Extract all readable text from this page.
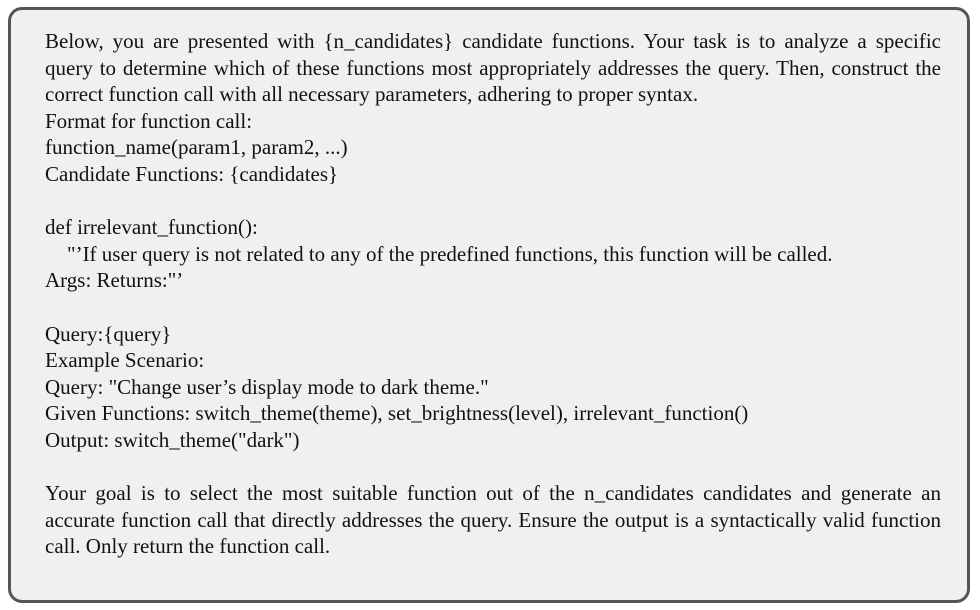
Below, you are presented with {n_candidates} candidate functions. Your task is to analyze a specific query to determine which of these functions most appropriately addresses the query. Then, construct the correct function call with all necessary parameters, adhering to proper syntax.

Format for function call:
function_name(param1, param2, ...)
Candidate Functions: {candidates}
def irrelevant_function():
"’If user query is not related to any of the predefined functions, this function will be called.
Args: Returns:"’
Query:{query}
Example Scenario:
Query: "Change user’s display mode to dark theme."
Given Functions: switch_theme(theme), set_brightness(level), irrelevant_function()
Output: switch_theme("dark")

Your goal is to select the most suitable function out of the n_candidates candidates and generate an accurate function call that directly addresses the query. Ensure the output is a syntactically valid function call. Only return the function call.
